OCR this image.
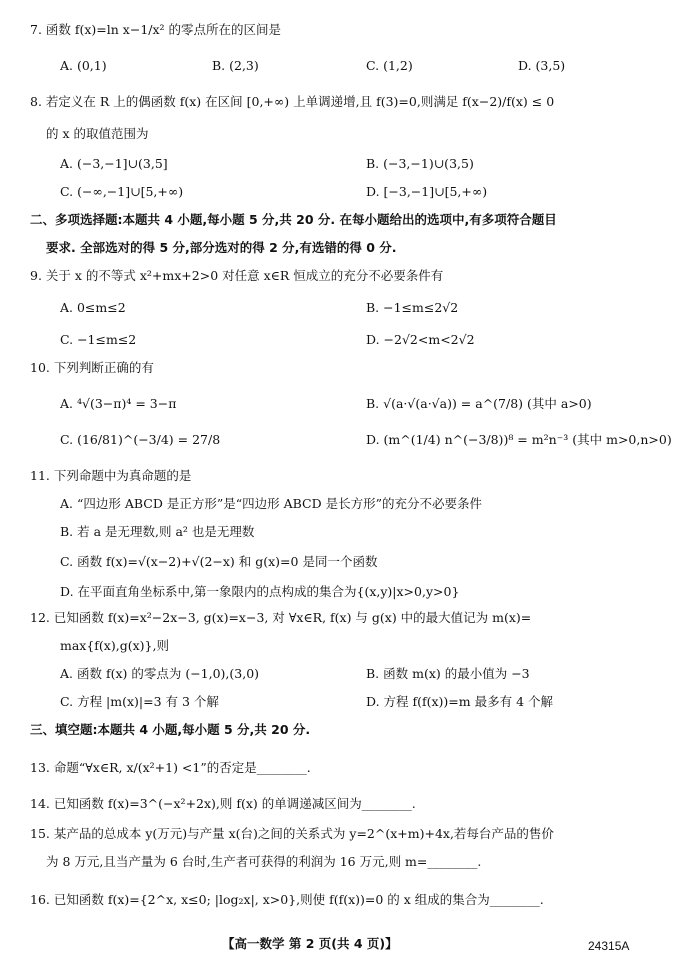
7. 函数 f(x)=ln x−1/x² 的零点所在的区间是
A. (0,1)	B. (2,3)	C. (1,2)	D. (3,5)
8. 若定义在 R 上的偶函数 f(x) 在区间 [0,+∞) 上单调递增,且 f(3)=0,则满足 f(x−2)/f(x) ≤ 0
的 x 的取值范围为
A. (−3,−1]∪(3,5]	B. (−3,−1)∪(3,5)
C. (−∞,−1]∪[5,+∞)	D. [−3,−1]∪[5,+∞)
二、多项选择题:本题共 4 小题,每小题 5 分,共 20 分. 在每小题给出的选项中,有多项符合题目
要求. 全部选对的得 5 分,部分选对的得 2 分,有选错的得 0 分.
9. 关于 x 的不等式 x²+mx+2>0 对任意 x∈R 恒成立的充分不必要条件有
A. 0≤m≤2	B. −1≤m≤2√2
C. −1≤m≤2	D. −2√2<m<2√2
10. 下列判断正确的有
A. ⁴√(3−π)⁴ = 3−π	B. √(a·√(a·√a)) = a^(7/8) (其中 a>0)
C. (16/81)^(−3/4) = 27/8	D. (m^(1/4) n^(−3/8))⁸ = m²n⁻³ (其中 m>0,n>0)
11. 下列命题中为真命题的是
A. “四边形 ABCD 是正方形”是“四边形 ABCD 是长方形”的充分不必要条件
B. 若 a 是无理数,则 a² 也是无理数
C. 函数 f(x)=√(x−2)+√(2−x) 和 g(x)=0 是同一个函数
D. 在平面直角坐标系中,第一象限内的点构成的集合为{(x,y)|x>0,y>0}
12. 已知函数 f(x)=x²−2x−3, g(x)=x−3, 对 ∀x∈R, f(x) 与 g(x) 中的最大值记为 m(x)=
max{f(x),g(x)},则
A. 函数 f(x) 的零点为 (−1,0),(3,0)	B. 函数 m(x) 的最小值为 −3
C. 方程 |m(x)|=3 有 3 个解	D. 方程 f(f(x))=m 最多有 4 个解
三、填空题:本题共 4 小题,每小题 5 分,共 20 分.
13. 命题“∀x∈R, x/(x²+1) <1”的否定是________.
14. 已知函数 f(x)=3^(−x²+2x),则 f(x) 的单调递减区间为________.
15. 某产品的总成本 y(万元)与产量 x(台)之间的关系式为 y=2^(x+m)+4x,若每台产品的售价
为 8 万元,且当产量为 6 台时,生产者可获得的利润为 16 万元,则 m=________.
16. 已知函数 f(x)={2^x, x≤0; |log₂x|, x>0},则使 f(f(x))=0 的 x 组成的集合为________.
【高一数学 第 2 页(共 4 页)】	24315A
